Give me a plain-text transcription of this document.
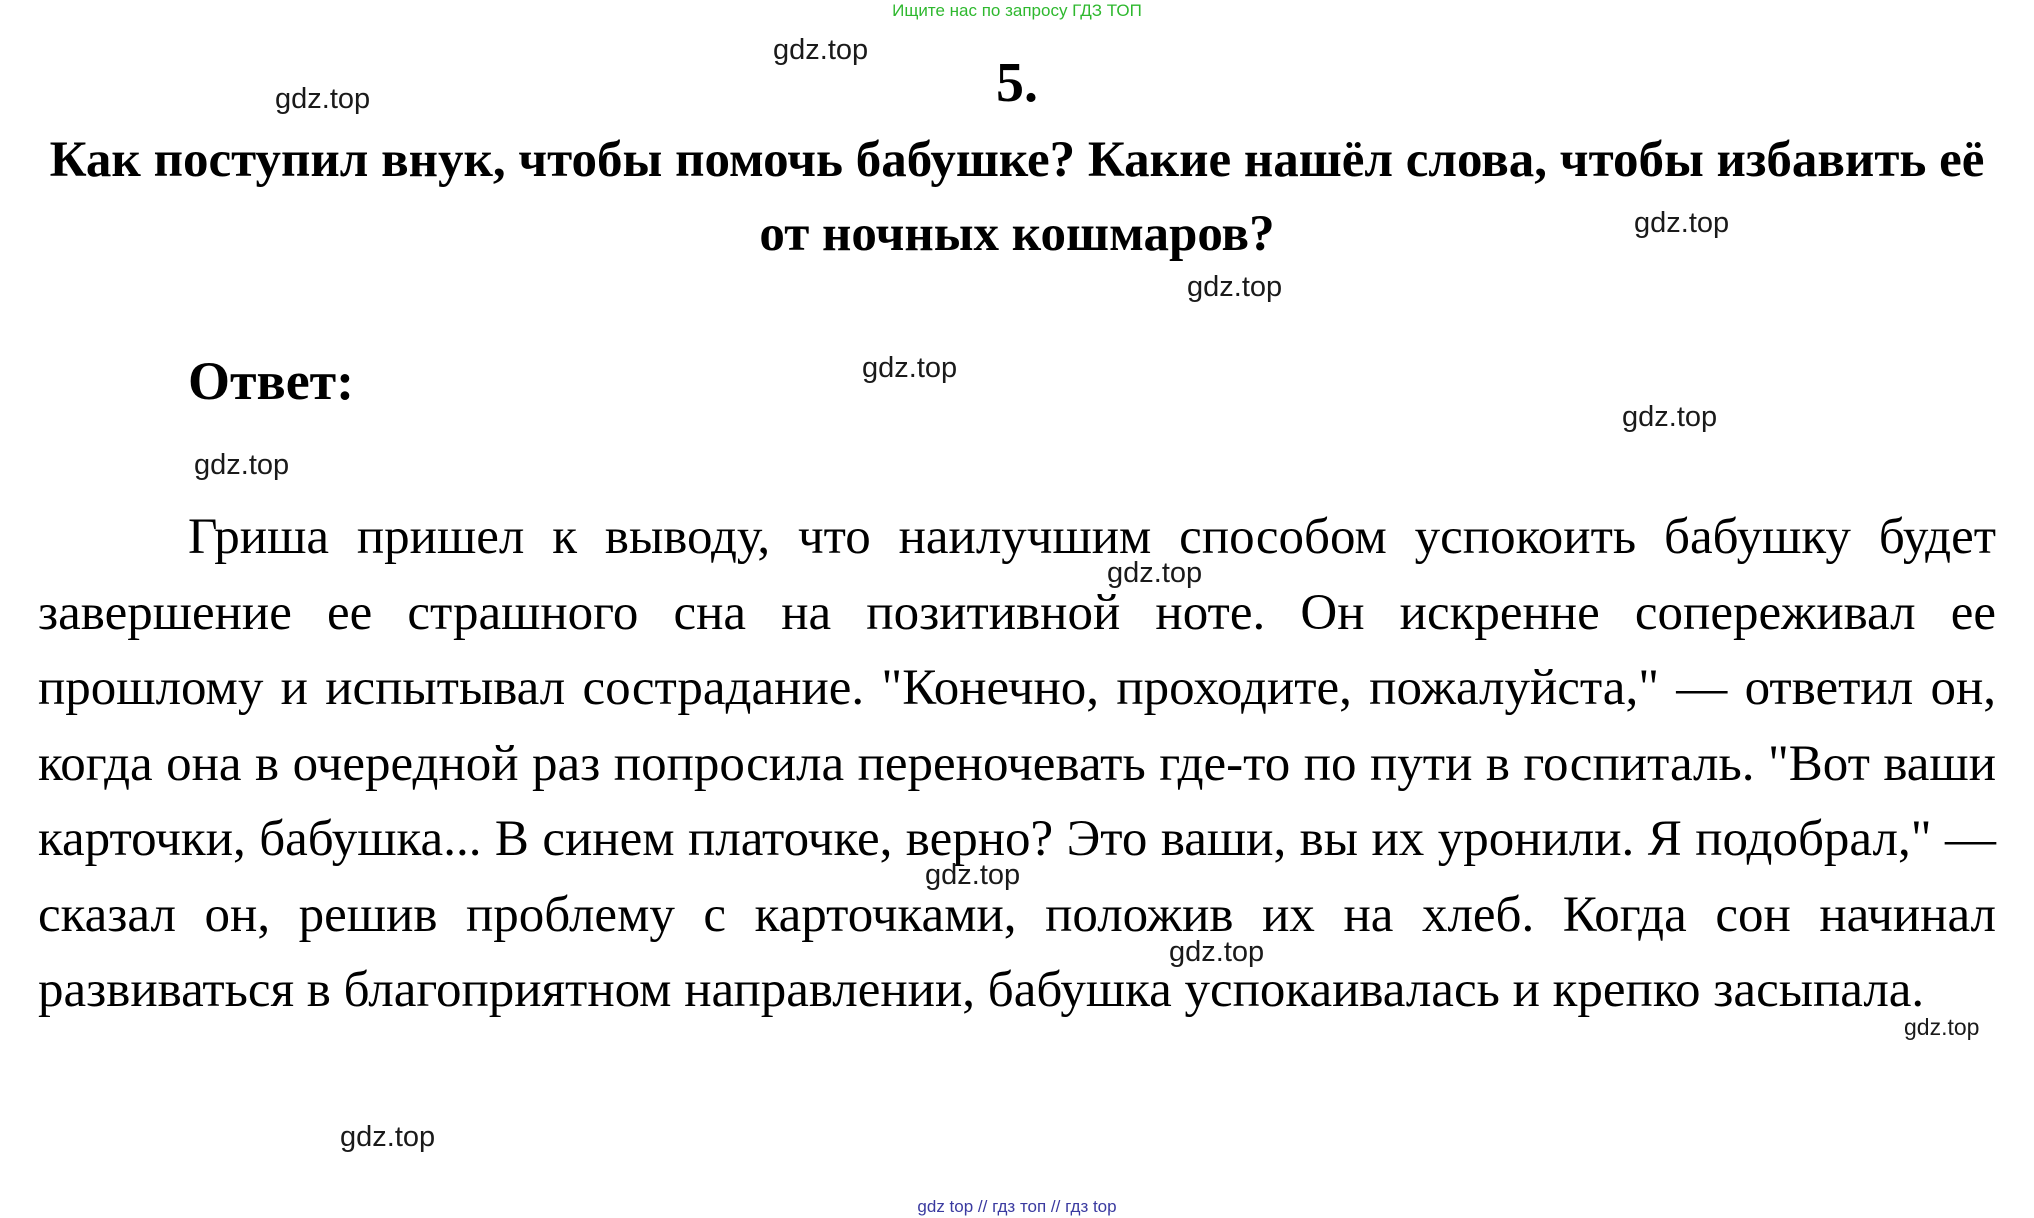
Ищите нас по запросу ГДЗ ТОП
5.

Как поступил внук, чтобы помочь бабушке? Какие нашёл слова, чтобы избавить её от ночных кошмаров?

Ответ:

Гриша пришел к выводу, что наилучшим способом успокоить бабушку будет завершение ее страшного сна на позитивной ноте. Он искренне сопереживал ее прошлому и испытывал сострадание. "Конечно, проходите, пожалуйста," — ответил он, когда она в очередной раз попросила переночевать где-то по пути в госпиталь. "Вот ваши карточки, бабушка... В синем платочке, верно? Это ваши, вы их уронили. Я подобрал," — сказал он, решив проблему с карточками, положив их на хлеб. Когда сон начинал развиваться в благоприятном направлении, бабушка успокаивалась и крепко засыпала.

gdz.top
gdz.top
gdz.top
gdz.top
gdz.top
gdz.top
gdz.top
gdz.top
gdz.top
gdz.top
gdz.top
gdz.top
gdz top // гдз топ // гдз top
